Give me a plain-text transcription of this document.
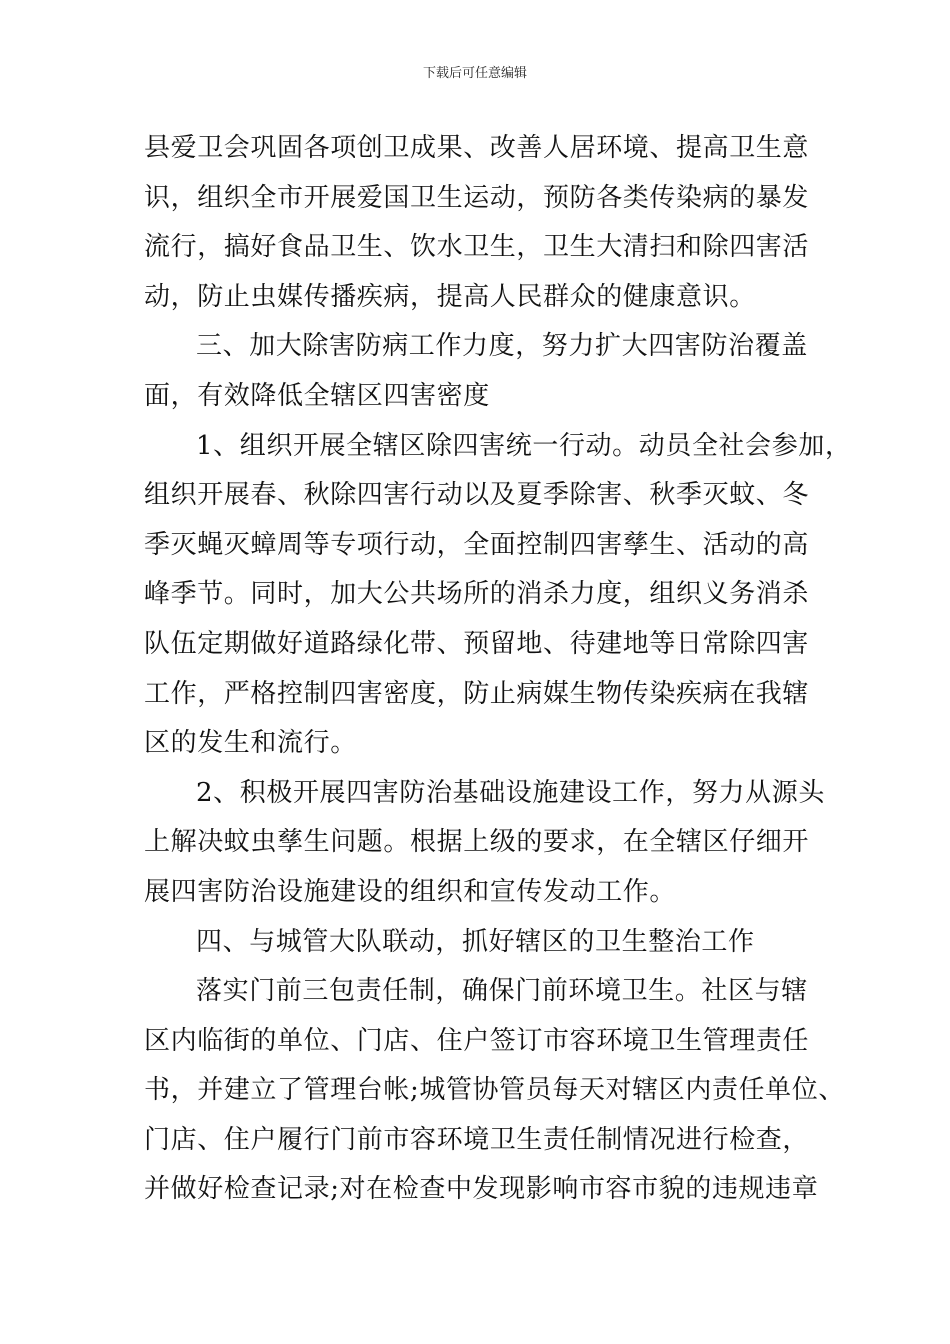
下载后可任意编辑

县爱卫会巩固各项创卫成果、改善人居环境、提高卫生意
识，组织全市开展爱国卫生运动，预防各类传染病的暴发
流行，搞好食品卫生、饮水卫生，卫生大清扫和除四害活
动，防止虫媒传播疾病，提高人民群众的健康意识。

三、加大除害防病工作力度，努力扩大四害防治覆盖
面，有效降低全辖区四害密度

1、组织开展全辖区除四害统一行动。动员全社会参加，
组织开展春、秋除四害行动以及夏季除害、秋季灭蚊、冬
季灭蝇灭蟑周等专项行动，全面控制四害孳生、活动的高
峰季节。同时，加大公共场所的消杀力度，组织义务消杀
队伍定期做好道路绿化带、预留地、待建地等日常除四害
工作，严格控制四害密度，防止病媒生物传染疾病在我辖
区的发生和流行。

2、积极开展四害防治基础设施建设工作，努力从源头
上解决蚊虫孳生问题。根据上级的要求，在全辖区仔细开
展四害防治设施建设的组织和宣传发动工作。

四、与城管大队联动，抓好辖区的卫生整治工作

落实门前三包责任制，确保门前环境卫生。社区与辖
区内临街的单位、门店、住户签订市容环境卫生管理责任
书，并建立了管理台帐;城管协管员每天对辖区内责任单位、
门店、住户履行门前市容环境卫生责任制情况进行检查，
并做好检查记录;对在检查中发现影响市容市貌的违规违章
